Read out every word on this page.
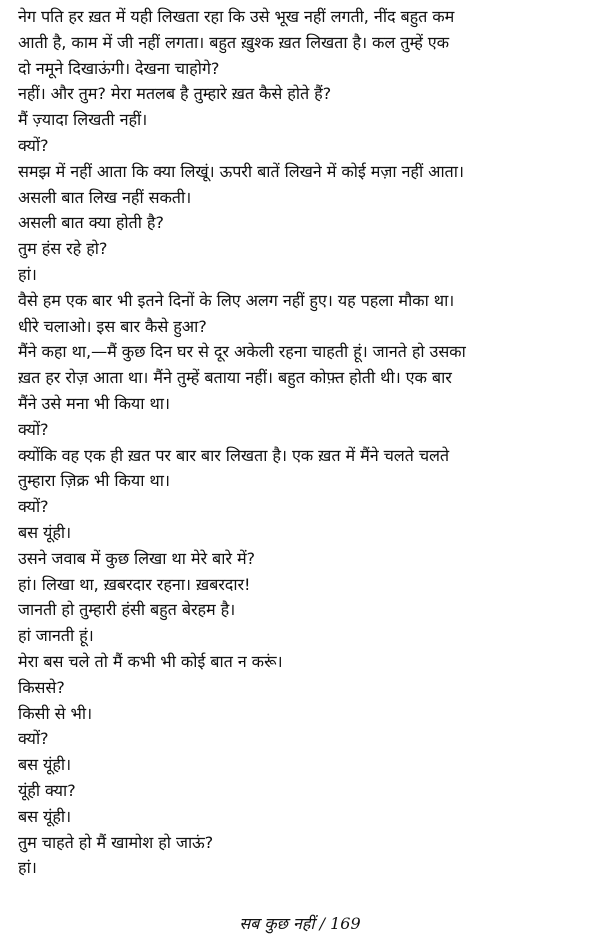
नेग पति हर ख़त में यही लिखता रहा कि उसे भूख नहीं लगती, नींद बहुत कम
आती है, काम में जी नहीं लगता। बहुत ख़ुश्क ख़त लिखता है। कल तुम्हें एक
दो नमूने दिखाऊंगी। देखना चाहोगे?
नहीं। और तुम? मेरा मतलब है तुम्हारे ख़त कैसे होते हैं?
मैं ज़्यादा लिखती नहीं।
क्यों?
समझ में नहीं आता कि क्या लिखूं। ऊपरी बातें लिखने में कोई मज़ा नहीं आता।
असली बात लिख नहीं सकती।
असली बात क्या होती है?
तुम हंस रहे हो?
हां।
वैसे हम एक बार भी इतने दिनों के लिए अलग नहीं हुए। यह पहला मौका था।
धीरे चलाओ। इस बार कैसे हुआ?
मैंने कहा था,—मैं कुछ दिन घर से दूर अकेली रहना चाहती हूं। जानते हो उसका
ख़त हर रोज़ आता था। मैंने तुम्हें बताया नहीं। बहुत कोफ़्त होती थी। एक बार
मैंने उसे मना भी किया था।
क्यों?
क्योंकि वह एक ही ख़त पर बार बार लिखता है। एक ख़त में मैंने चलते चलते
तुम्हारा ज़िक्र भी किया था।
क्यों?
बस यूंही।
उसने जवाब में कुछ लिखा था मेरे बारे में?
हां। लिखा था, ख़बरदार रहना। ख़बरदार!
जानती हो तुम्हारी हंसी बहुत बेरहम है।
हां जानती हूं।
मेरा बस चले तो मैं कभी भी कोई बात न करूं।
किससे?
किसी से भी।
क्यों?
बस यूंही।
यूंही क्या?
बस यूंही।
तुम चाहते हो मैं खामोश हो जाऊं?
हां।
सब कुछ नहीं / 169
